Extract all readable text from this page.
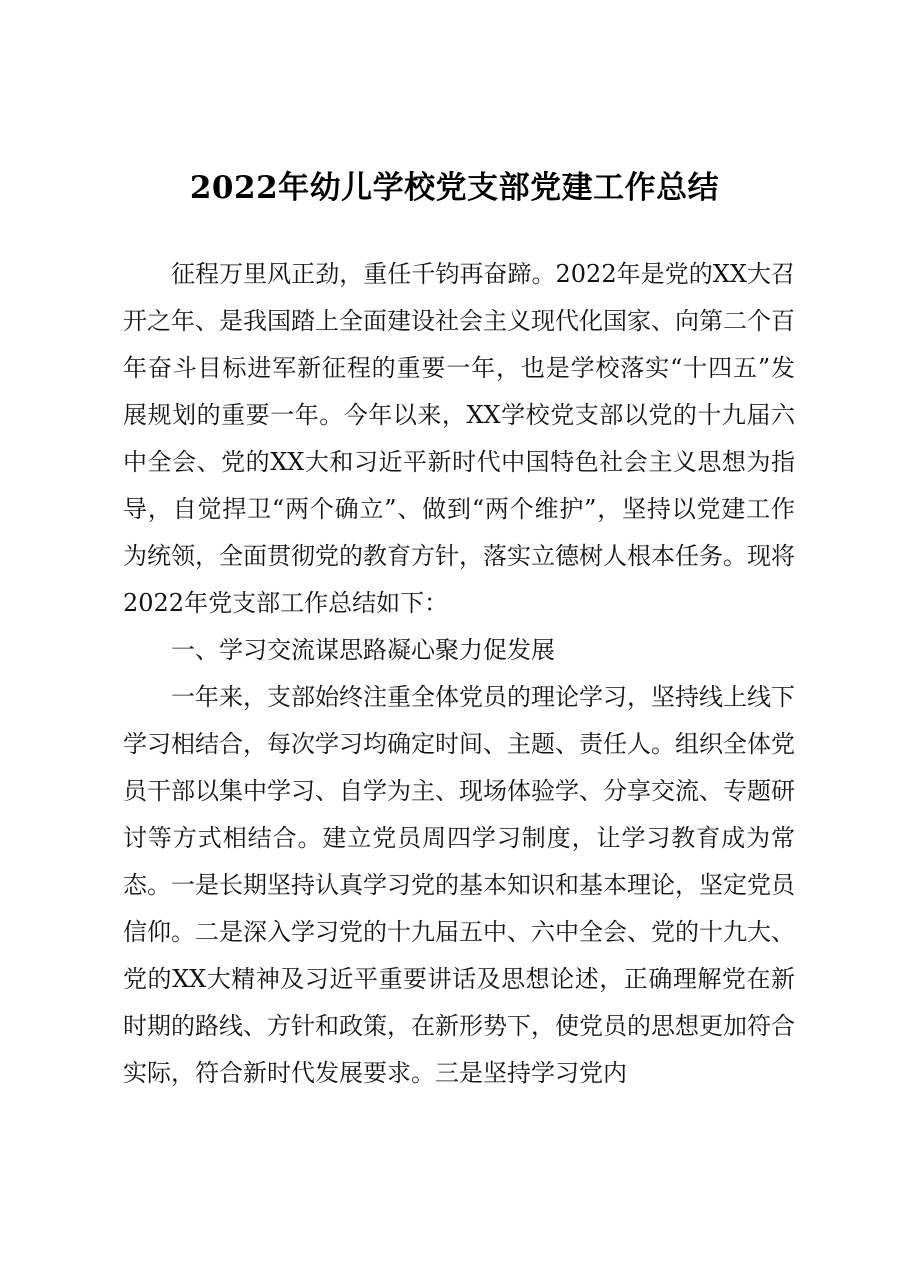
2022年幼儿学校党支部党建工作总结

征程万里风正劲，重任千钧再奋蹄。2022年是党的XX大召开之年、是我国踏上全面建设社会主义现代化国家、向第二个百年奋斗目标进军新征程的重要一年，也是学校落实“十四五”发展规划的重要一年。今年以来，XX学校党支部以党的十九届六中全会、党的XX大和习近平新时代中国特色社会主义思想为指导，自觉捍卫“两个确立”、做到“两个维护”，坚持以党建工作为统领，全面贯彻党的教育方针，落实立德树人根本任务。现将2022年党支部工作总结如下：

一、学习交流谋思路凝心聚力促发展

一年来，支部始终注重全体党员的理论学习，坚持线上线下学习相结合，每次学习均确定时间、主题、责任人。组织全体党员干部以集中学习、自学为主、现场体验学、分享交流、专题研讨等方式相结合。建立党员周四学习制度，让学习教育成为常态。一是长期坚持认真学习党的基本知识和基本理论，坚定党员信仰。二是深入学习党的十九届五中、六中全会、党的十九大、党的XX大精神及习近平重要讲话及思想论述，正确理解党在新时期的路线、方针和政策，在新形势下，使党员的思想更加符合实际，符合新时代发展要求。三是坚持学习党内
